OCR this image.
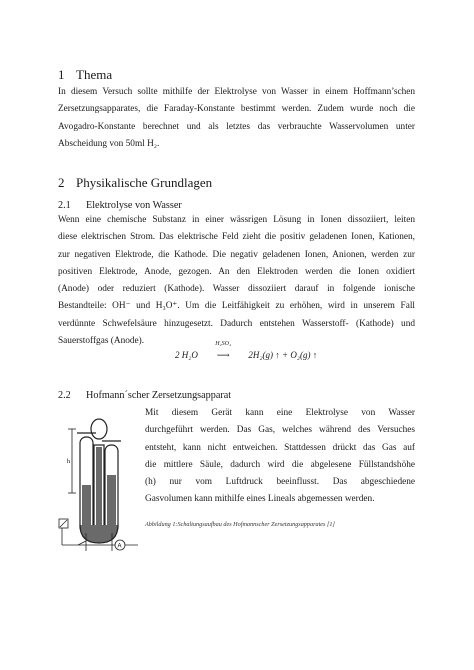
1 Thema
In diesem Versuch sollte mithilfe der Elektrolyse von Wasser in einem Hoffmann’schen
Zersetzungsapparates, die Faraday-Konstante bestimmt werden. Zudem wurde noch die
Avogadro-Konstante berechnet und als letztes das verbrauchte Wasservolumen unter
Abscheidung von 50ml H₂.
2 Physikalische Grundlagen
2.1 Elektrolyse von Wasser
Wenn eine chemische Substanz in einer wässrigen Lösung in Ionen dissoziiert, leiten
diese elektrischen Strom. Das elektrische Feld zieht die positiv geladenen Ionen, Kationen,
zur negativen Elektrode, die Kathode. Die negativ geladenen Ionen, Anionen, werden zur
positiven Elektrode, Anode, gezogen. An den Elektroden werden die Ionen oxidiert
(Anode) oder reduziert (Kathode). Wasser dissoziiert darauf in folgende ionische
Bestandteile: OH⁻ und H₃O⁺. Um die Leitfähigkeit zu erhöhen, wird in unserem Fall
verdünnte Schwefelsäure hinzugesetzt. Dadurch entstehen Wasserstoff- (Kathode) und
Sauerstoffgas (Anode).
2 H₂O
H₂SO₄
⟶ 2H₂(g) ↑ + O₂(g) ↑
2.2 Hofmann´scher Zersetzungsapparat
Mit diesem Gerät kann eine Elektrolyse von Wasser
durchgeführt werden. Das Gas, welches während des Versuches
entsteht, kann nicht entweichen. Stattdessen drückt das Gas auf
die mittlere Säule, dadurch wird die abgelesene Füllstandshöhe
(h) nur vom Luftdruck beeinflusst. Das abgeschiedene
Gasvolumen kann mithilfe eines Lineals abgemessen werden.
h
A
Abbildung 1:Schaltungsaufbau des Hofmannscher Zersetzungsapparates [1]
